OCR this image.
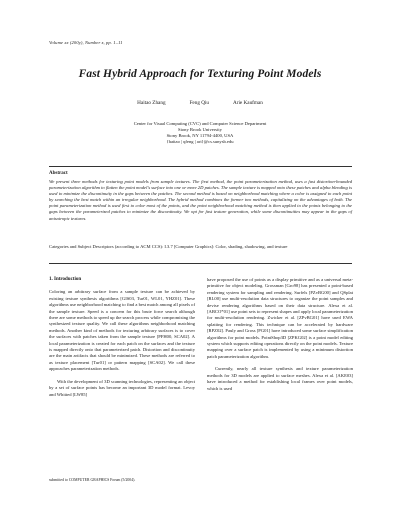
Volume xx (200y), Number z, pp. 1–11
Fast Hybrid Approach for Texturing Point Models
Haitao Zhang	Feng Qiu	Arie Kaufman
Center for Visual Computing (CVC) and Computer Science Department
Stony Brook University
Stony Brook, NY 11794-4400, USA
{haitao | qfeng | ari}@cs.sunysb.edu
Abstract
We present three methods for texturing point models from sample textures. The first method, the point parameterization method, uses a fast distortion-bounded parameterization algorithm to flatten the point model's surface into one or more 2D patches. The sample texture is mapped onto these patches and alpha blending is used to minimize the discontinuity in the gaps between the patches. The second method is based on neighborhood matching where a color is assigned to each point by searching the best match within an irregular neighborhood. The hybrid method combines the former two methods, capitalizing on the advantages of both. The point parameterization method is used first to color most of the points, and the point neighborhood matching method is then applied to the points belonging to the gaps between the parameterized patches to minimize the discontinuity. We opt for fast texture generation, while some discontinuities may appear in the gaps of anisotropic textures.
Categories and Subject Descriptors (according to ACM CCS): I.3.7 [Computer Graphics]: Color, shading, shadowing, and texture
1. Introduction

Coloring an arbitrary surface from a sample texture can be achieved by existing texture synthesis algorithms [GIS03, Tur01, WL01, YHZ01]. These algorithms use neighborhood matching to find a best match among all pixels of the sample texture. Speed is a concern for this brute force search although there are some methods to speed up the search process while compromising the synthesized texture quality. We call these algorithms neighborhood matching methods. Another kind of methods for texturing arbitrary surfaces is to cover the surfaces with patches taken from the sample texture [PFH00, SCA02]. A local parameterization is created for each patch on the surfaces and the texture is mapped directly onto that parameterized patch. Distortion and discontinuity are the main artifacts that should be minimized. These methods are referred to as texture placement [Tur01] or pattern mapping [SCA02]. We call these approaches parameterization methods.

With the development of 3D scanning technologies, representing an object by a set of surface points has become an important 3D model format. Levoy and Whitted [LW85]

have proposed the use of points as a display primitive and as a universal meta-primitive for object modeling. Grossman [Gro98] has presented a point-based rendering system for sampling and rendering. Surfels [PZvBG00] and QSplat [RL00] use multi-resolution data structures to organize the point samples and devise rendering algorithms based on their data structure. Alexa et al. [ABCO*01] use point sets to represent shapes and apply local parameterization for multi-resolution rendering. Zwicker et al. [ZPvBG01] have used EWA splatting for rendering. This technique can be accelerated by hardware [RPZ02]. Pauly and Gross [PG01] have introduced some surface simplification algorithms for point models. PointShop3D [ZPKG02] is a point model editing system which supports editing operations directly on the point models. Texture mapping over a surface patch is implemented by using a minimum distortion patch parameterization algorithm.

Currently, nearly all texture synthesis and texture parameterization methods for 3D models are applied to surface meshes. Alexa et al. [AKE03] have introduced a method for establishing local frames over point models, which is used

submitted to COMPUTER GRAPHICS Forum (5/2004).
